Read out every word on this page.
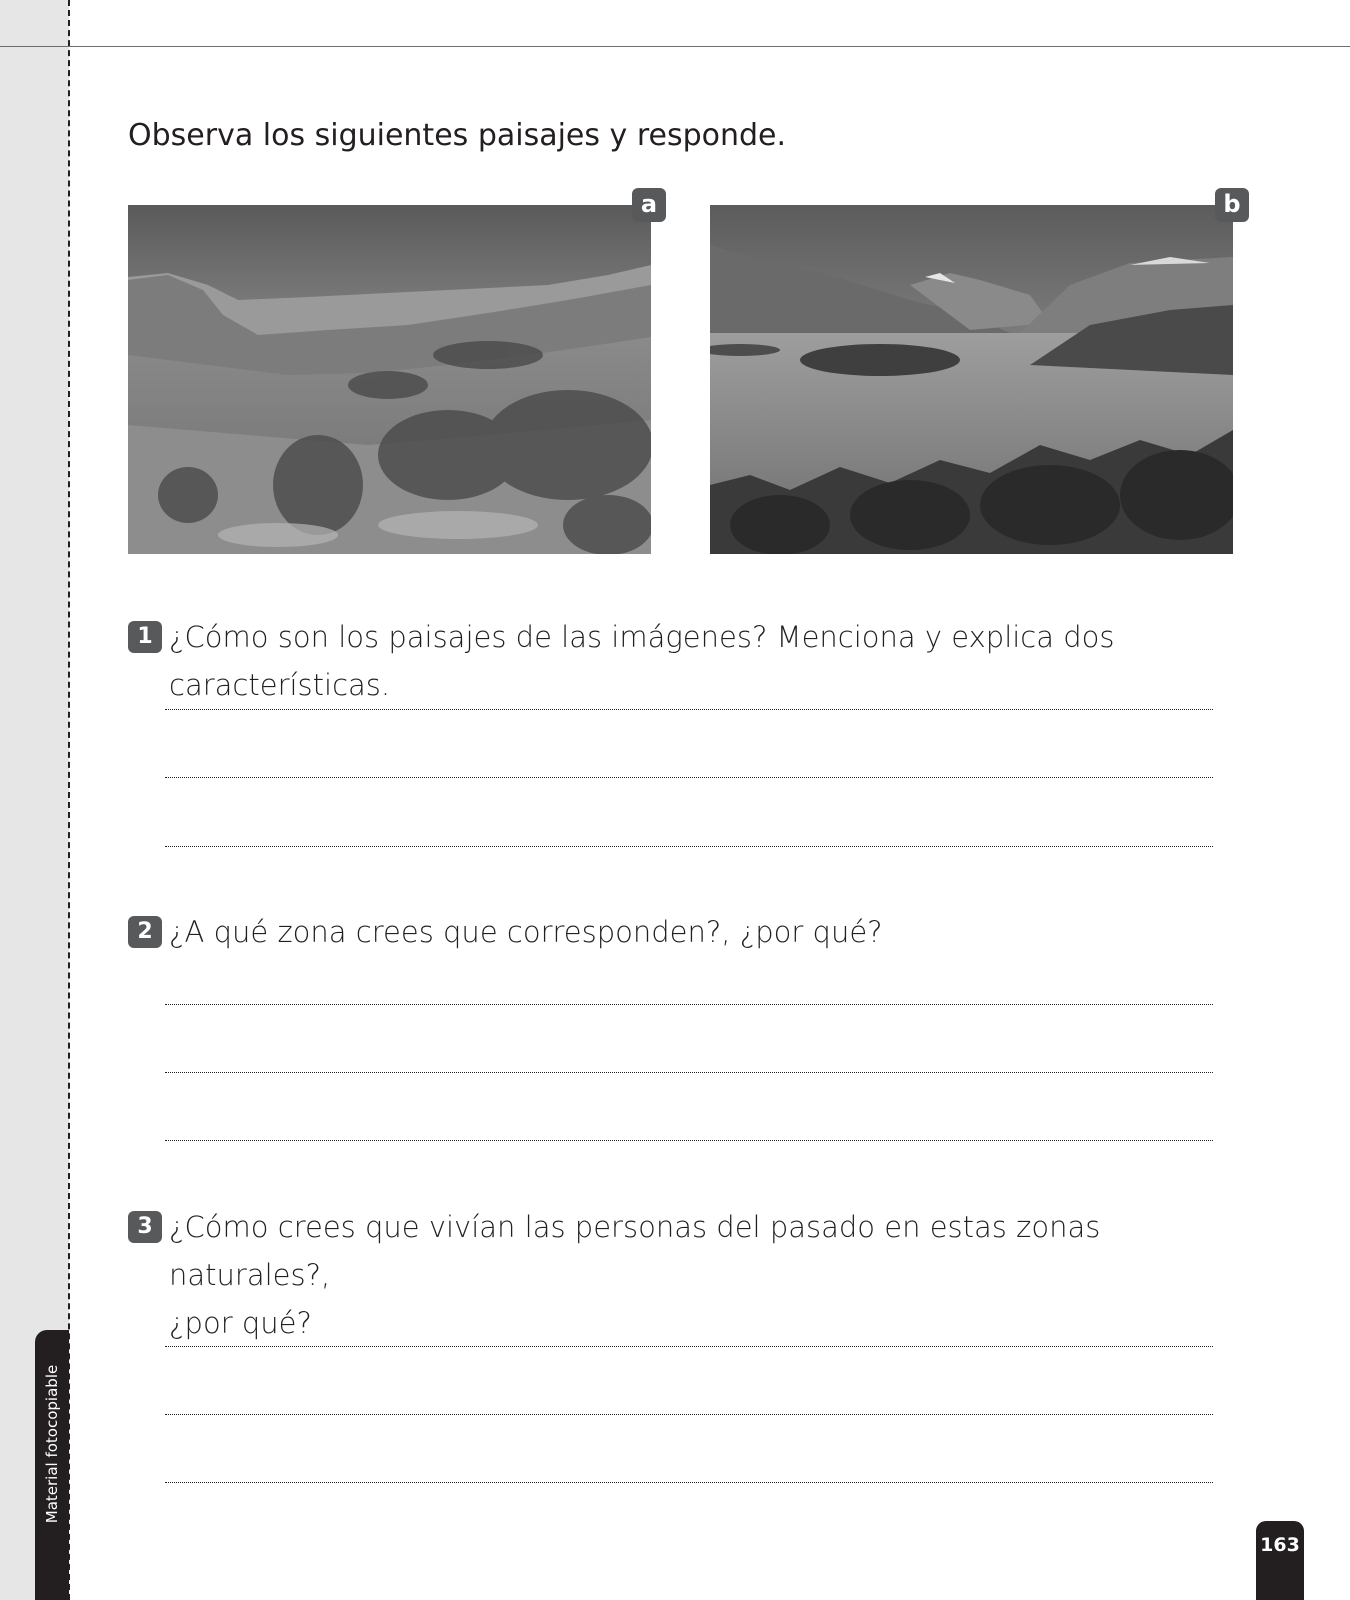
Material fotocopiable
Observa los siguientes paisajes y responde.
a	b
1 ¿Cómo son los paisajes de las imágenes? Menciona y explica dos características.
2 ¿A qué zona crees que corresponden?, ¿por qué?
3 ¿Cómo crees que vivían las personas del pasado en estas zonas naturales?,
¿por qué?
163
